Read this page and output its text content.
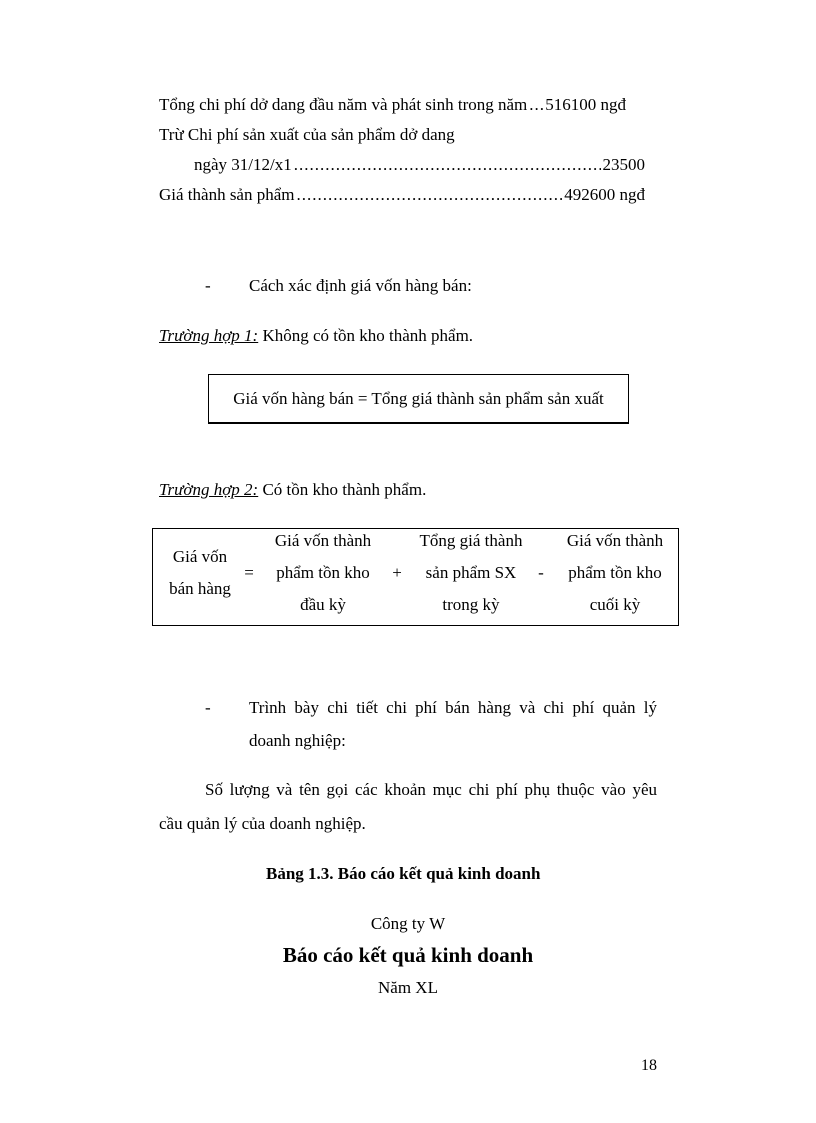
Tổng chi phí dở dang đầu năm và phát sinh trong năm ..... 516100 ngđ
Trừ Chi phí sản xuất của sản phẩm dở dang
ngày 31/12/x1 .....	23500
Giá thành sản phẩm .....	492600 ngđ
- Cách xác định giá vốn hàng bán:
Trường hợp 1: Không có tồn kho thành phẩm.
Giá vốn hàng bán = Tổng giá thành sản phẩm sản xuất
Trường hợp 2: Có tồn kho thành phẩm.
Giá vốn
bán hàng
=
Giá vốn thành
phẩm tồn kho
đầu kỳ
+
Tổng giá thành
sản phẩm SX
trong kỳ
-
Giá vốn thành
phẩm tồn kho
cuối kỳ
- Trình bày chi tiết chi phí bán hàng và chi phí quản lý
doanh nghiệp:
Số lượng và tên gọi các khoản mục chi phí phụ thuộc vào yêu
cầu quản lý của doanh nghiệp.
Bảng 1.3. Báo cáo kết quả kinh doanh
Công ty W
Báo cáo kết quả kinh doanh
Năm XL
18
